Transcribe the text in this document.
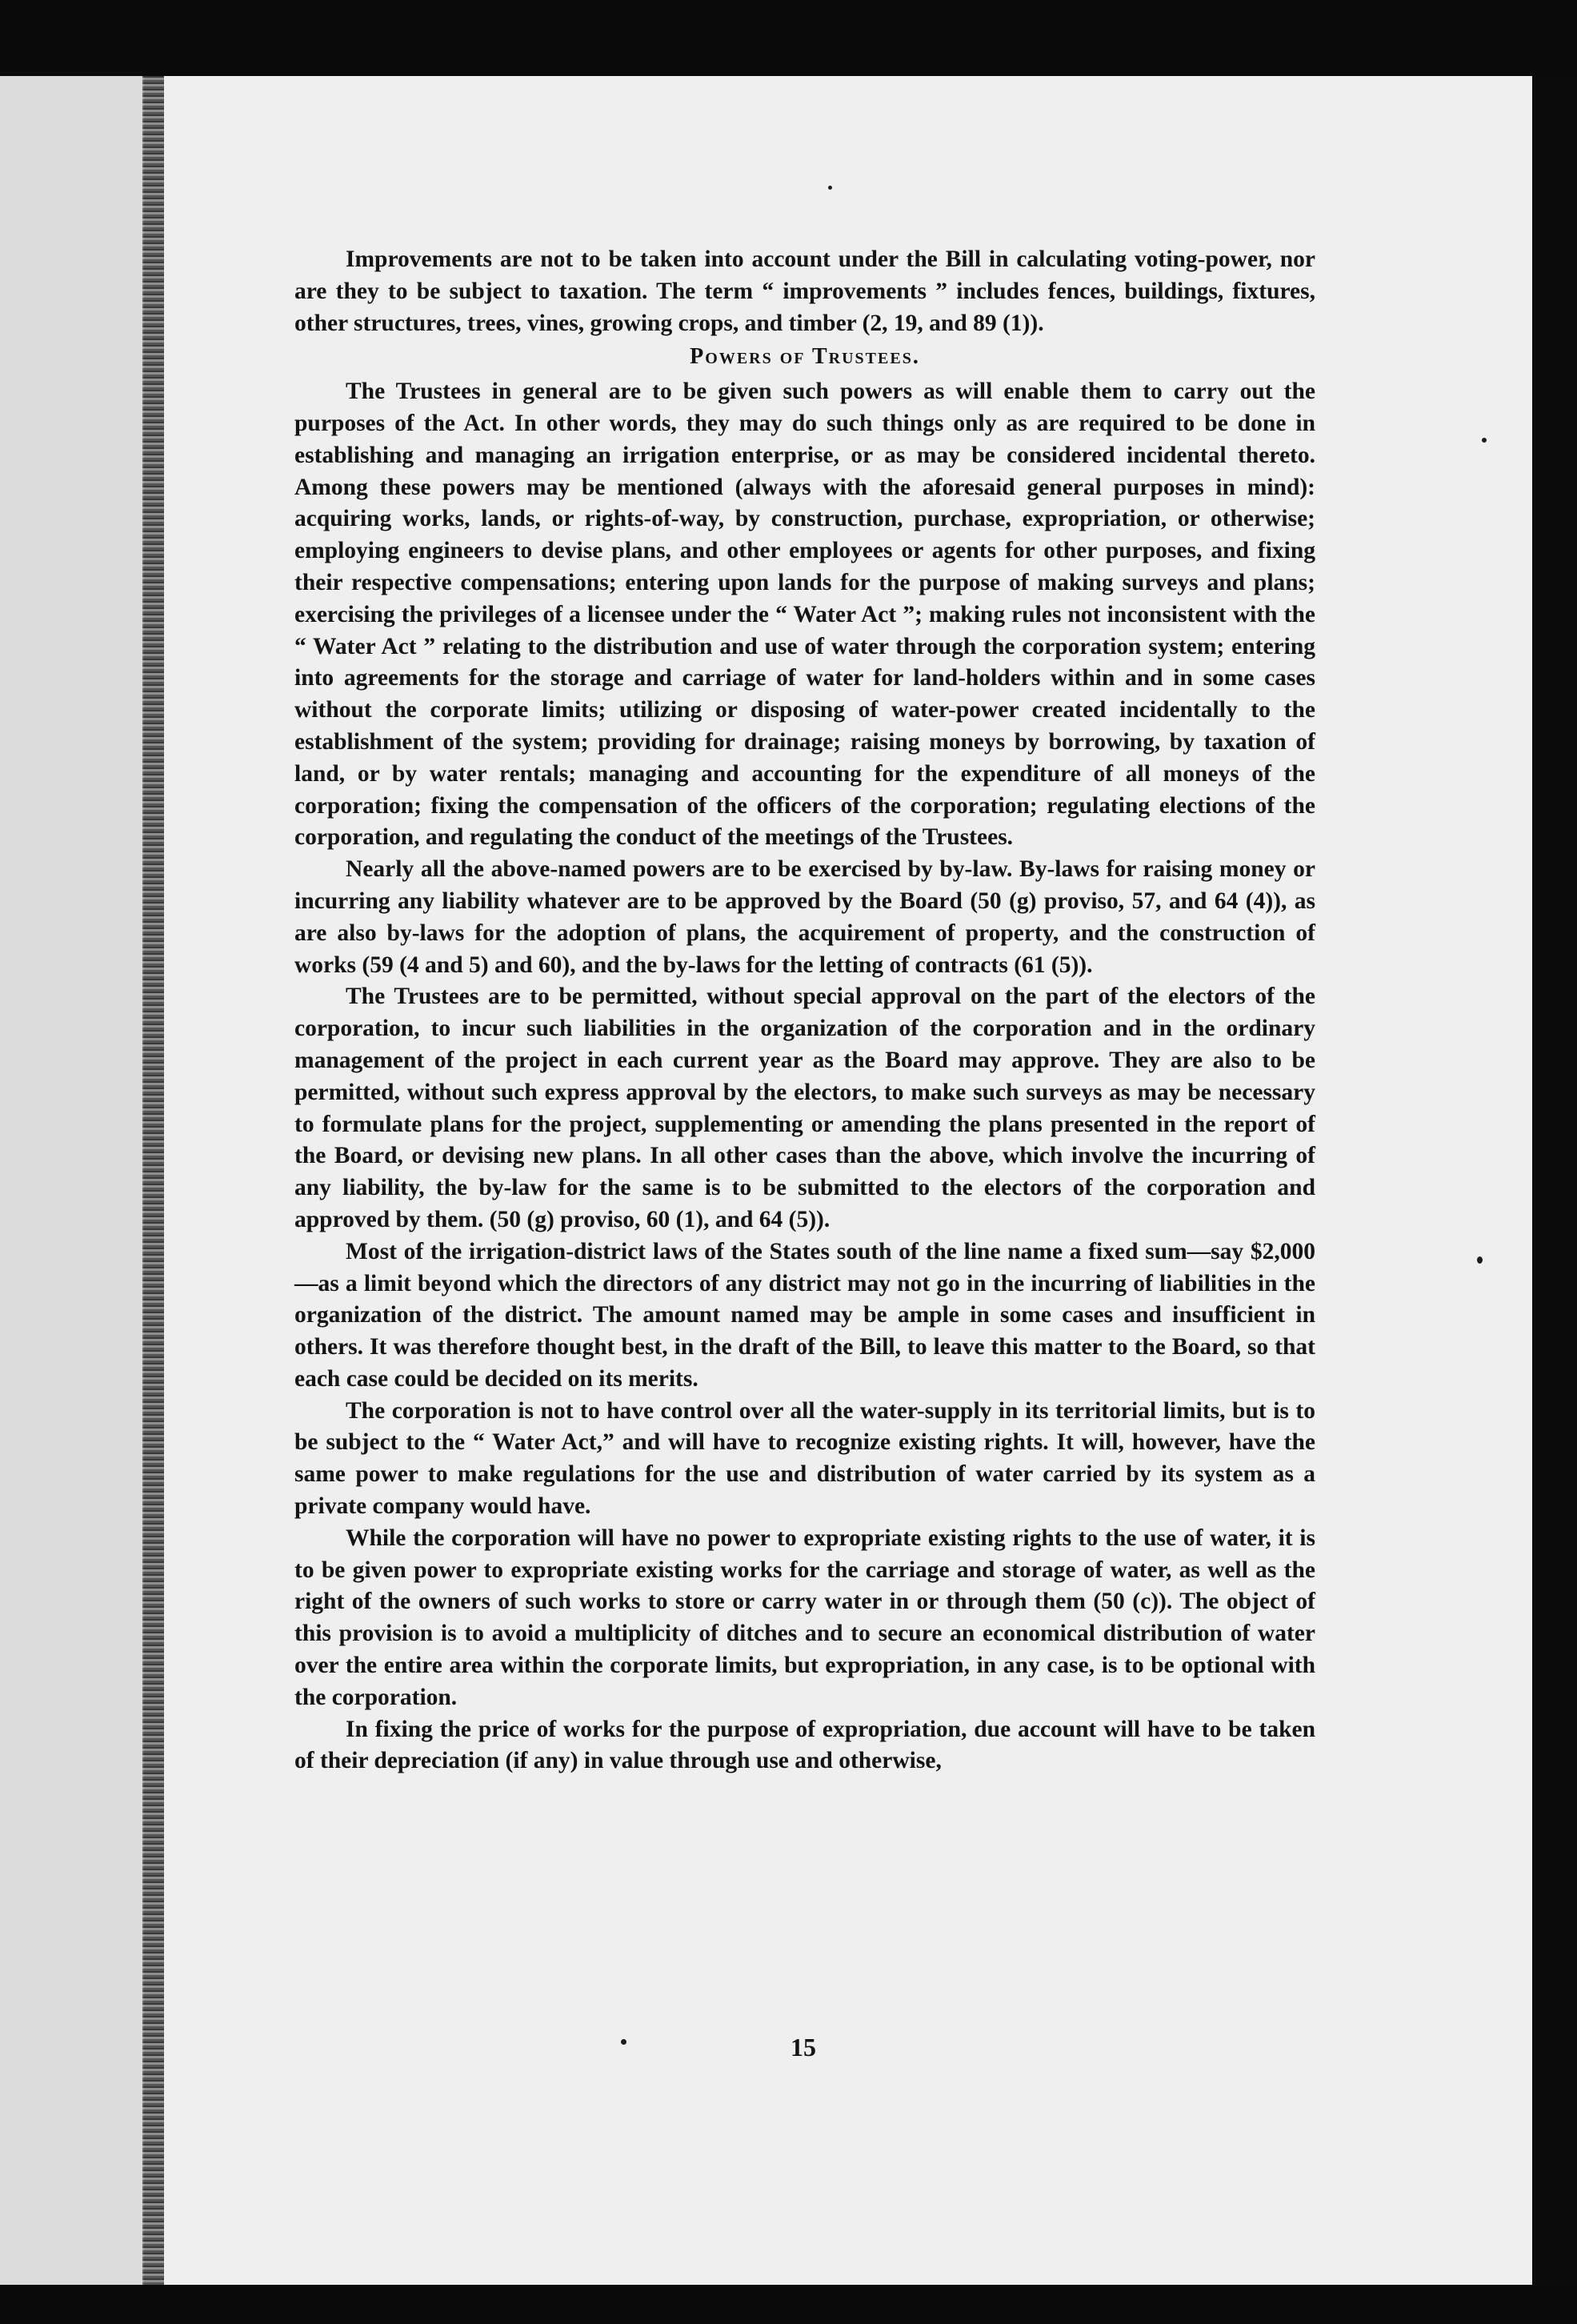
Improvements are not to be taken into account under the Bill in calculating voting-power, nor are they to be subject to taxation. The term “ improvements ” includes fences, buildings, fixtures, other structures, trees, vines, growing crops, and timber (2, 19, and 89 (1)).

Powers of Trustees.

The Trustees in general are to be given such powers as will enable them to carry out the purposes of the Act. In other words, they may do such things only as are required to be done in establishing and managing an irrigation enterprise, or as may be considered incidental thereto. Among these powers may be mentioned (always with the aforesaid general purposes in mind): acquiring works, lands, or rights-of-way, by construction, purchase, expropriation, or otherwise; employing engineers to devise plans, and other employees or agents for other purposes, and fixing their respective compensations; entering upon lands for the purpose of making surveys and plans; exercising the privileges of a licensee under the “ Water Act ”; making rules not inconsistent with the “ Water Act ” relating to the distribution and use of water through the corporation system; entering into agreements for the storage and carriage of water for land-holders within and in some cases without the corporate limits; utilizing or disposing of water-power created incidentally to the establishment of the system; providing for drainage; raising moneys by borrowing, by taxation of land, or by water rentals; managing and accounting for the expenditure of all moneys of the corporation; fixing the compensation of the officers of the corporation; regulating elections of the corporation, and regulating the conduct of the meetings of the Trustees.

Nearly all the above-named powers are to be exercised by by-law. By-laws for raising money or incurring any liability whatever are to be approved by the Board (50 (g) proviso, 57, and 64 (4)), as are also by-laws for the adoption of plans, the acquirement of property, and the construction of works (59 (4 and 5) and 60), and the by-laws for the letting of contracts (61 (5)).

The Trustees are to be permitted, without special approval on the part of the electors of the corporation, to incur such liabilities in the organization of the corporation and in the ordinary management of the project in each current year as the Board may approve. They are also to be permitted, without such express approval by the electors, to make such surveys as may be necessary to formulate plans for the project, supplementing or amending the plans presented in the report of the Board, or devising new plans. In all other cases than the above, which involve the incurring of any liability, the by-law for the same is to be submitted to the electors of the corporation and approved by them. (50 (g) proviso, 60 (1), and 64 (5)).

Most of the irrigation-district laws of the States south of the line name a fixed sum—say $2,000—as a limit beyond which the directors of any district may not go in the incurring of liabilities in the organization of the district. The amount named may be ample in some cases and insufficient in others. It was therefore thought best, in the draft of the Bill, to leave this matter to the Board, so that each case could be decided on its merits.

The corporation is not to have control over all the water-supply in its territorial limits, but is to be subject to the “ Water Act,” and will have to recognize existing rights. It will, however, have the same power to make regulations for the use and distribution of water carried by its system as a private company would have.

While the corporation will have no power to expropriate existing rights to the use of water, it is to be given power to expropriate existing works for the carriage and storage of water, as well as the right of the owners of such works to store or carry water in or through them (50 (c)). The object of this provision is to avoid a multiplicity of ditches and to secure an economical distribution of water over the entire area within the corporate limits, but expropriation, in any case, is to be optional with the corporation.

In fixing the price of works for the purpose of expropriation, due account will have to be taken of their depreciation (if any) in value through use and otherwise,

15
